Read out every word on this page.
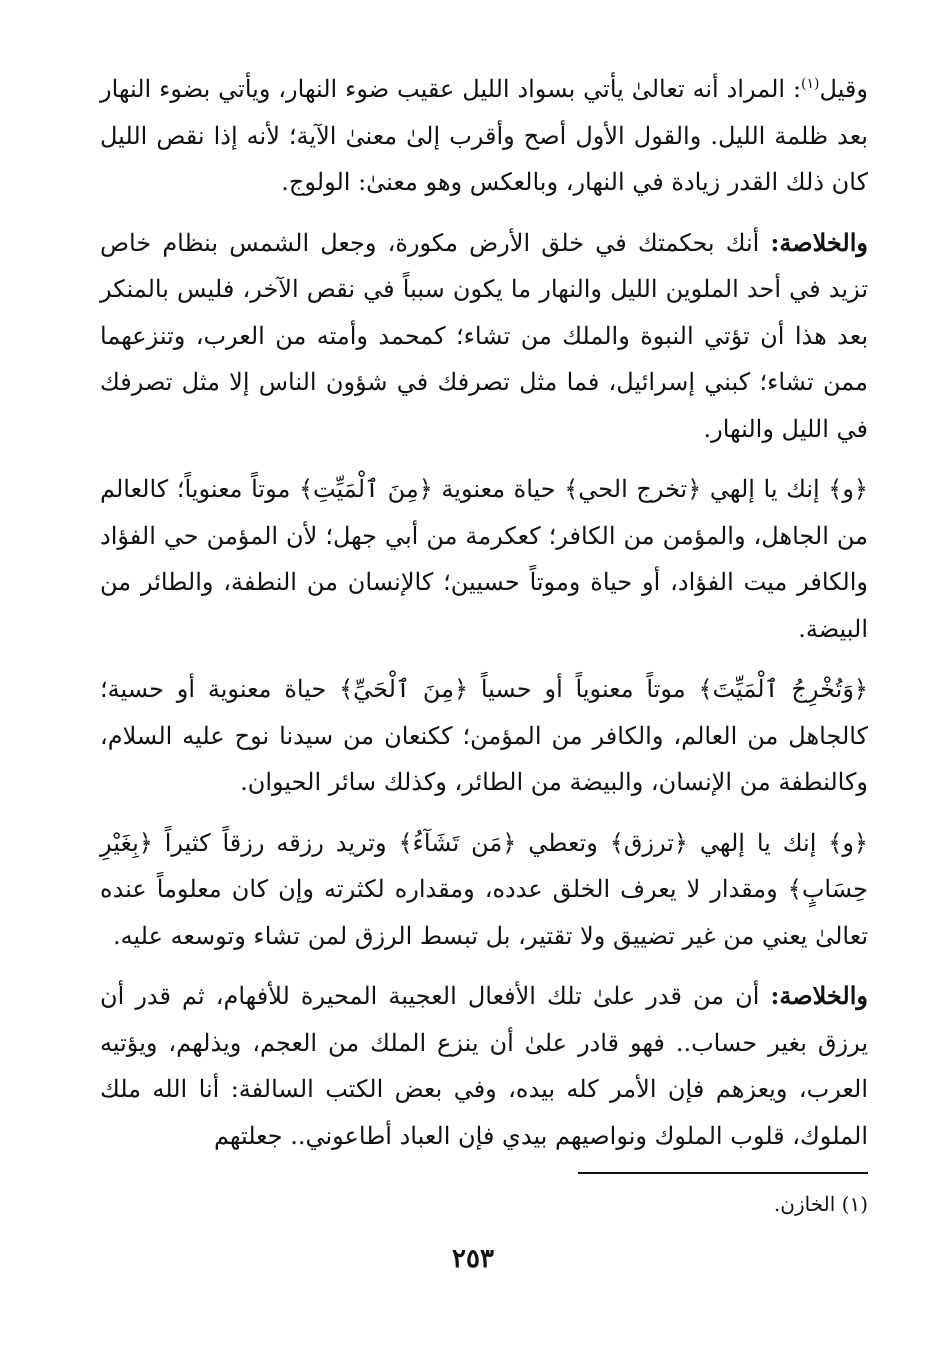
وقيل$^{(١)}$: المراد أنه تعالىٰ يأتي بسواد الليل عقيب ضوء النهار، ويأتي بضوء النهار بعد ظلمة الليل. والقول الأول أصح وأقرب إلىٰ معنىٰ الآية؛ لأنه إذا نقص الليل كان ذلك القدر زيادة في النهار، وبالعكس وهو معنىٰ: الولوج.

والخلاصة: أنك بحكمتك في خلق الأرض مكورة، وجعل الشمس بنظام خاص تزيد في أحد الملوين الليل والنهار ما يكون سبباً في نقص الآخر، فليس بالمنكر بعد هذا أن تؤتي النبوة والملك من تشاء؛ كمحمد وأمته من العرب، وتنزعهما ممن تشاء؛ كبني إسرائيل، فما مثل تصرفك في شؤون الناس إلا مثل تصرفك في الليل والنهار.

﴿و﴾ إنك يا إلهي ﴿تخرج الحي﴾ حياة معنوية ﴿مِنَ ٱلْمَيِّتِ﴾ موتاً معنوياً؛ كالعالم من الجاهل، والمؤمن من الكافر؛ كعكرمة من أبي جهل؛ لأن المؤمن حي الفؤاد والكافر ميت الفؤاد، أو حياة وموتاً حسيين؛ كالإنسان من النطفة، والطائر من البيضة.

﴿وَتُخْرِجُ ٱلْمَيِّتَ﴾ موتاً معنوياً أو حسياً ﴿مِنَ ٱلْحَيِّ﴾ حياة معنوية أو حسية؛ كالجاهل من العالم، والكافر من المؤمن؛ ككنعان من سيدنا نوح عليه السلام، وكالنطفة من الإنسان، والبيضة من الطائر، وكذلك سائر الحيوان.

﴿و﴾ إنك يا إلهي ﴿ترزق﴾ وتعطي ﴿مَن تَشَآءُ﴾ وتريد رزقه رزقاً كثيراً ﴿بِغَيْرِ حِسَابٍ﴾ ومقدار لا يعرف الخلق عدده، ومقداره لكثرته وإن كان معلوماً عنده تعالىٰ يعني من غير تضييق ولا تقتير، بل تبسط الرزق لمن تشاء وتوسعه عليه.

والخلاصة: أن من قدر علىٰ تلك الأفعال العجيبة المحيرة للأفهام، ثم قدر أن يرزق بغير حساب.. فهو قادر علىٰ أن ينزع الملك من العجم، ويذلهم، ويؤتيه العرب، ويعزهم فإن الأمر كله بيده، وفي بعض الكتب السالفة: أنا الله ملك الملوك، قلوب الملوك ونواصيهم بيدي فإن العباد أطاعوني.. جعلتهم

(١) الخازن.
٢٥٣
